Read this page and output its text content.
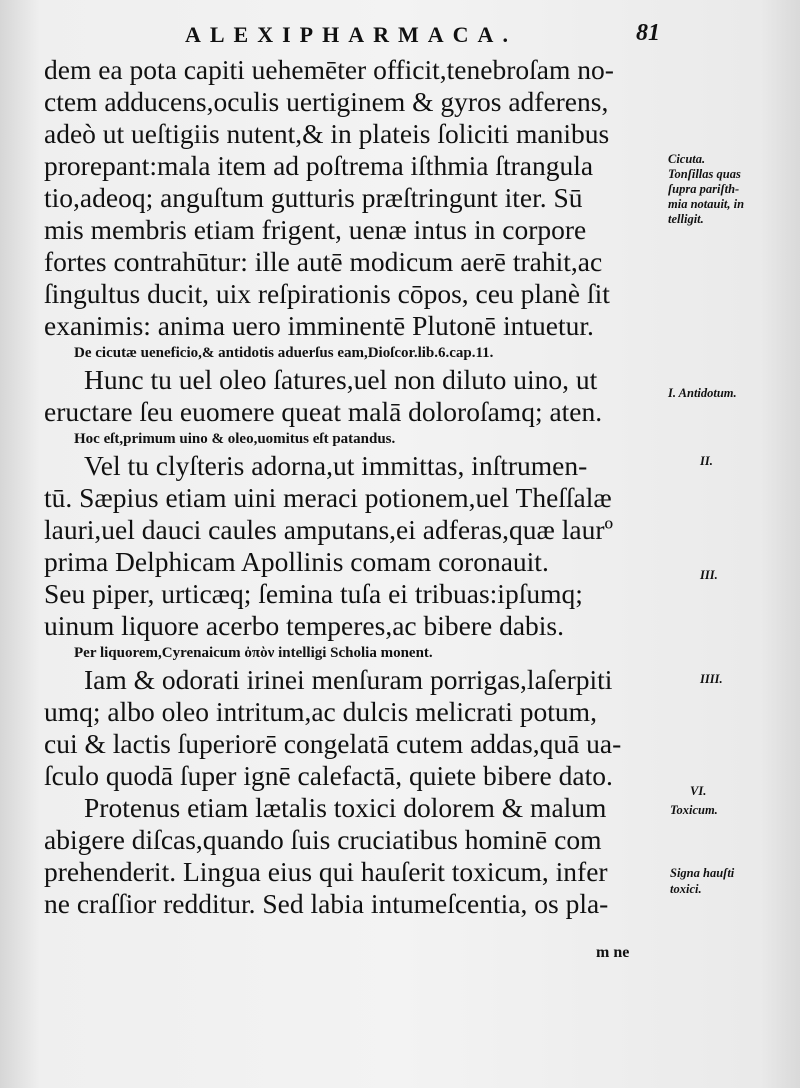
ALEXIPHARMACA.	81
dem ea pota capiti uehemēter officit,tenebroſam no-
ctem adducens,oculis uertiginem & gyros adferens,
adeò ut ueſtigiis nutent,& in plateis ſoliciti manibus
prorepant:mala item ad poſtrema iſthmia ſtrangula
tio,adeoq; anguſtum gutturis præſtringunt iter. Sū
mis membris etiam frigent, uenæ intus in corpore
fortes contrahūtur: ille autē modicum aerē trahit,ac
ſingultus ducit, uix reſpirationis cōpos, ceu planè ſit
exanimis: anima uero imminentē Plutonē intuetur.
De cicutæ ueneficio,& antidotis aduerſus eam,Dioſcor.lib.6.cap.11.
Hunc tu uel oleo ſatures,uel non diluto uino, ut
eructare ſeu euomere queat malā doloroſamq; aten.
Hoc eſt,primum uino & oleo,uomitus eſt patandus.
Vel tu clyſteris adorna,ut immittas, inſtrumen-
tū. Sæpius etiam uini meraci potionem,uel Theſſalæ
lauri,uel dauci caules amputans,ei adferas,quæ laurº
prima Delphicam Apollinis comam coronauit.
Seu piper, urticæq; ſemina tuſa ei tribuas:ipſumq;
uinum liquore acerbo temperes,ac bibere dabis.
Per liquorem,Cyrenaicum ὀπὸν intelligi Scholia monent.
Iam & odorati irinei menſuram porrigas,laſerpiti
umq; albo oleo intritum,ac dulcis melicrati potum,
cui & lactis ſuperiorē congelatā cutem addas,quā ua-
ſculo quodā ſuper ignē calefactā, quiete bibere dato.
Protenus etiam lætalis toxici dolorem & malum
abigere diſcas,quando ſuis cruciatibus hominē com
prehenderit. Lingua eius qui hauſerit toxicum, infer
ne craſſior redditur. Sed labia intumeſcentia, os pla-
m ne
Cicuta.
Tonſillas quas
ſupra pariſth-
mia notauit, in
telligit.
I. Antidotum.
II.
III.
IIII.
VI.
Toxicum.
Signa hauſti
toxici.
